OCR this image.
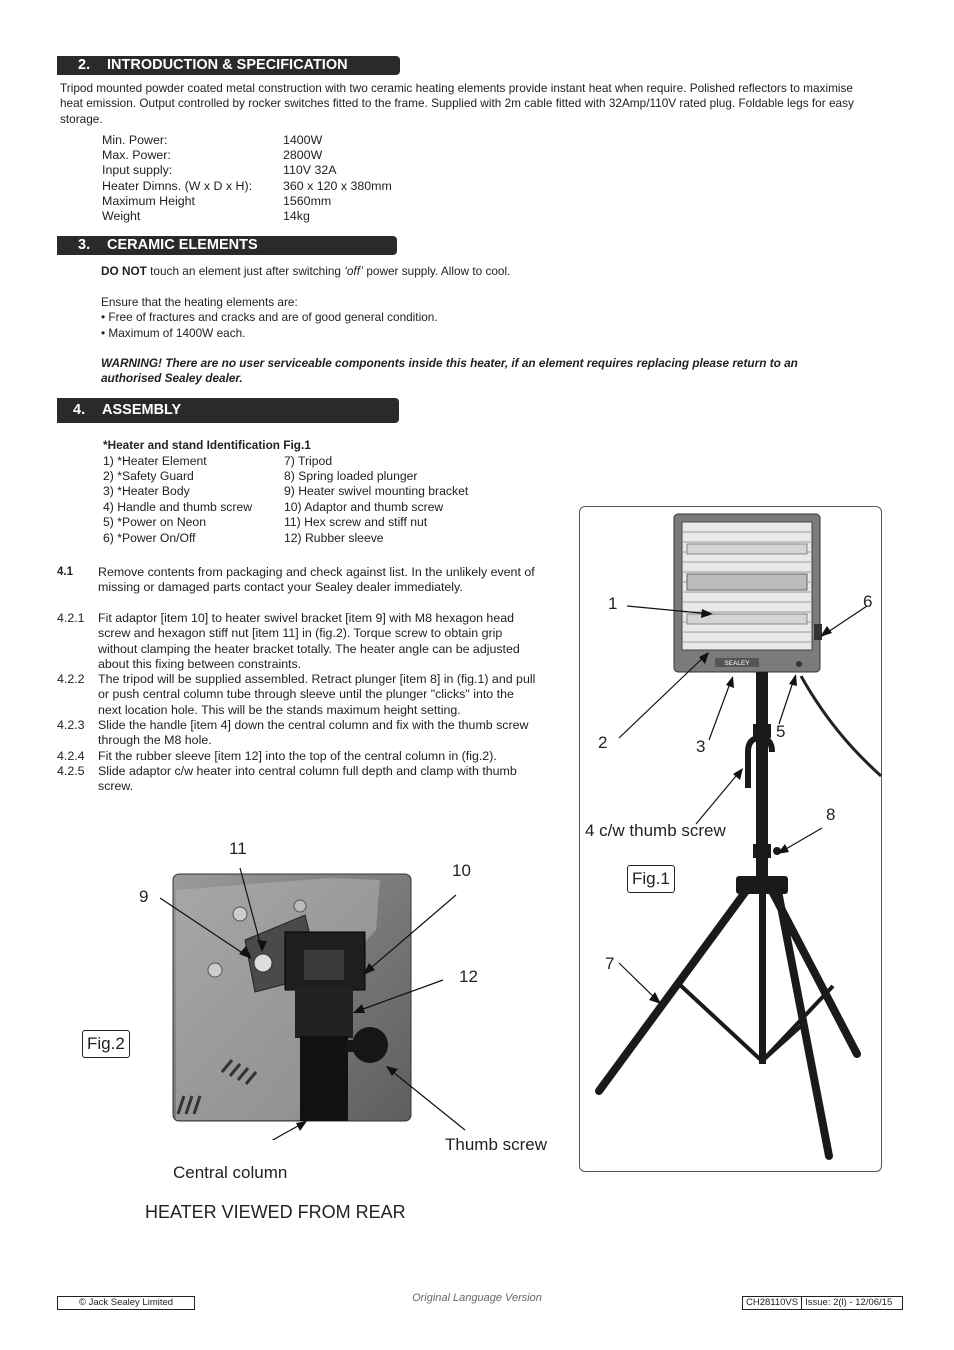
2. INTRODUCTION & SPECIFICATION
Tripod mounted powder coated metal construction with two ceramic heating elements provide instant heat when require. Polished reflectors to maximise
heat emission. Output controlled by rocker switches fitted to the frame. Supplied with 2m cable fitted with 32Amp/110V rated plug. Foldable legs for easy
storage.
Min. Power:	1400W
Max. Power:	2800W
Input supply:	110V 32A
Heater Dimns. (W x D x H): 360 x 120 x 380mm
Maximum Height	1560mm
Weight	14kg
3. CERAMIC ELEMENTS
DO NOT touch an element just after switching ‘off’ power supply. Allow to cool.
Ensure that the heating elements are:
• Free of fractures and cracks and are of good general condition.
• Maximum of 1400W each.
WARNING! There are no user serviceable components inside this heater, if an element requires replacing please return to an
authorised Sealey dealer.
4. ASSEMBLY
*Heater and stand Identification Fig.1
1) *Heater Element	7) Tripod
2) *Safety Guard	8) Spring loaded plunger
3) *Heater Body	9) Heater swivel mounting bracket
4) Handle and thumb screw	10) Adaptor and thumb screw
5) *Power on Neon	11) Hex screw and stiff nut
6) *Power On/Off	12) Rubber sleeve
4.1 Remove contents from packaging and check against list. In the unlikely event of
missing or damaged parts contact your Sealey dealer immediately.
4.2.1 Fit adaptor [item 10] to heater swivel bracket [item 9] with M8 hexagon head
screw and hexagon stiff nut [item 11] in (fig.2). Torque screw to obtain grip
without clamping the heater bracket totally. The heater angle can be adjusted
about this fixing between constraints.
4.2.2 The tripod will be supplied assembled. Retract plunger [item 8] in (fig.1) and pull
or push central column tube through sleeve until the plunger "clicks" into the
next location hole. This will be the stands maximum height setting.
4.2.3 Slide the handle [item 4] down the central column and fix with the thumb screw
through the M8 hole.
4.2.4 Fit the rubber sleeve [item 12] into the top of the central column in (fig.2).
4.2.5 Slide adaptor c/w heater into central column full depth and clamp with thumb
screw.
11
9
10
12
Thumb screw
Central column
Fig.2
HEATER VIEWED FROM REAR
SEALEY
1	6
2	3
5
4 c/w thumb screw
8
7
Fig.1
© Jack Sealey Limited	Original Language Version	CH28110VS Issue: 2(l) - 12/06/15
